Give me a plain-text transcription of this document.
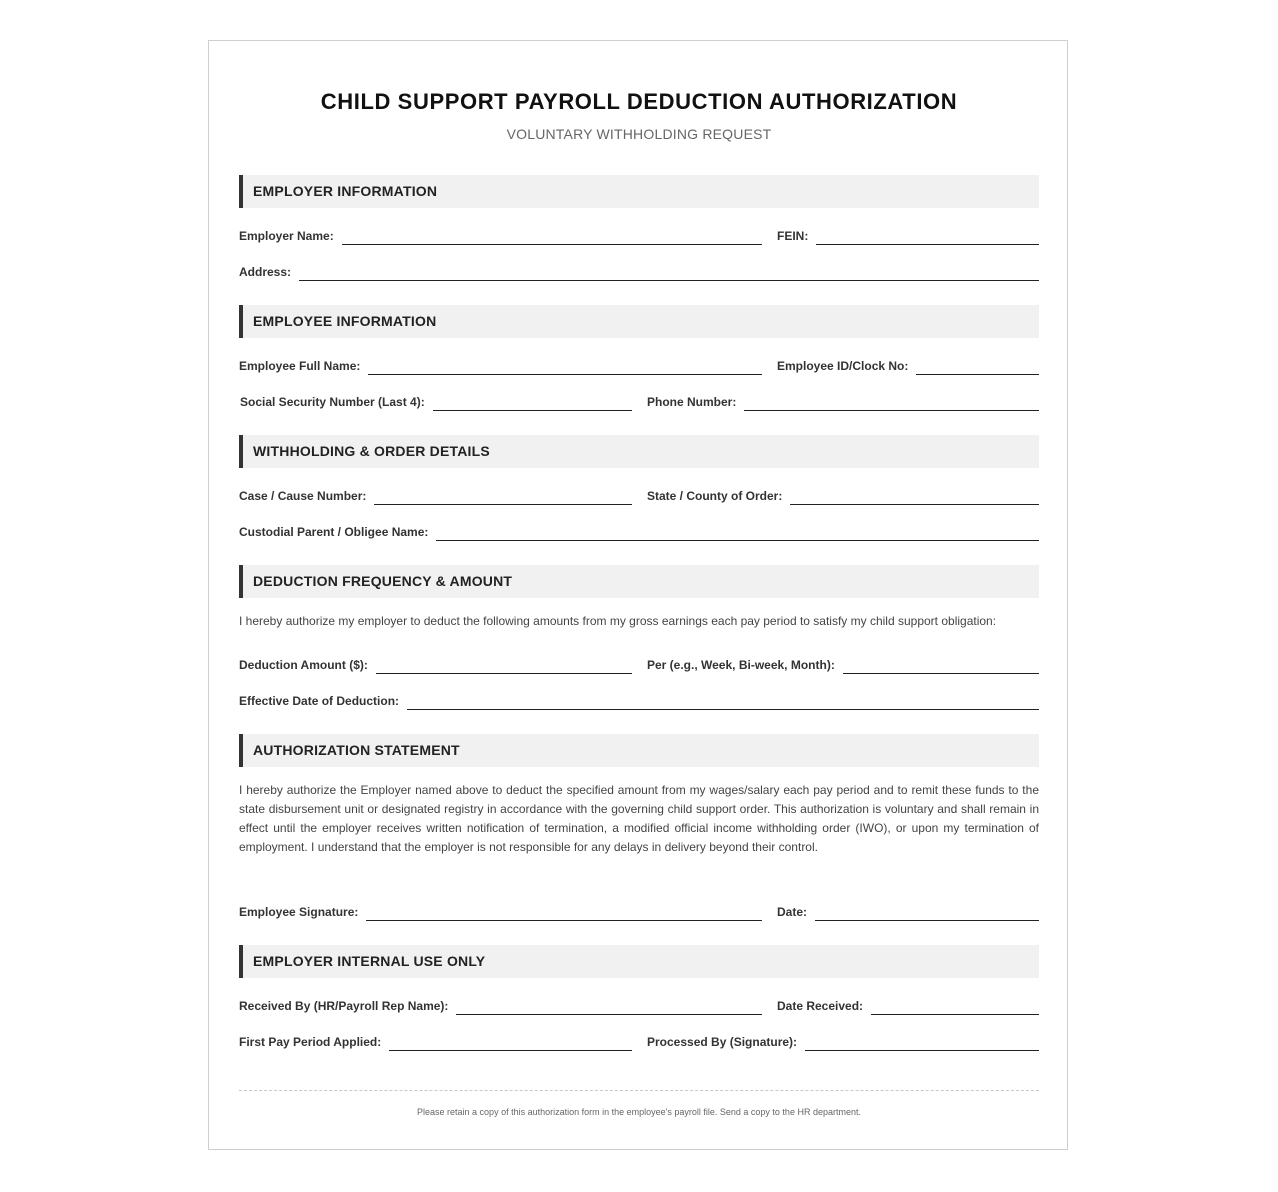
CHILD SUPPORT PAYROLL DEDUCTION AUTHORIZATION
VOLUNTARY WITHHOLDING REQUEST
EMPLOYER INFORMATION
Employer Name:	FEIN:
Address:
EMPLOYEE INFORMATION
Employee Full Name:	Employee ID/Clock No:
Social Security Number (Last 4):	Phone Number:
WITHHOLDING & ORDER DETAILS
Case / Cause Number:	State / County of Order:
Custodial Parent / Obligee Name:
DEDUCTION FREQUENCY & AMOUNT
I hereby authorize my employer to deduct the following amounts from my gross earnings each pay period to satisfy my child support obligation:
Deduction Amount ($):	Per (e.g., Week, Bi-week, Month):
Effective Date of Deduction:
AUTHORIZATION STATEMENT
I hereby authorize the Employer named above to deduct the specified amount from my wages/salary each pay period and to remit these funds to the state disbursement unit or designated registry in accordance with the governing child support order. This authorization is voluntary and shall remain in effect until the employer receives written notification of termination, a modified official income withholding order (IWO), or upon my termination of employment. I understand that the employer is not responsible for any delays in delivery beyond their control.
Employee Signature:	Date:
EMPLOYER INTERNAL USE ONLY
Received By (HR/Payroll Rep Name):	Date Received:
First Pay Period Applied:	Processed By (Signature):
Please retain a copy of this authorization form in the employee's payroll file. Send a copy to the HR department.
